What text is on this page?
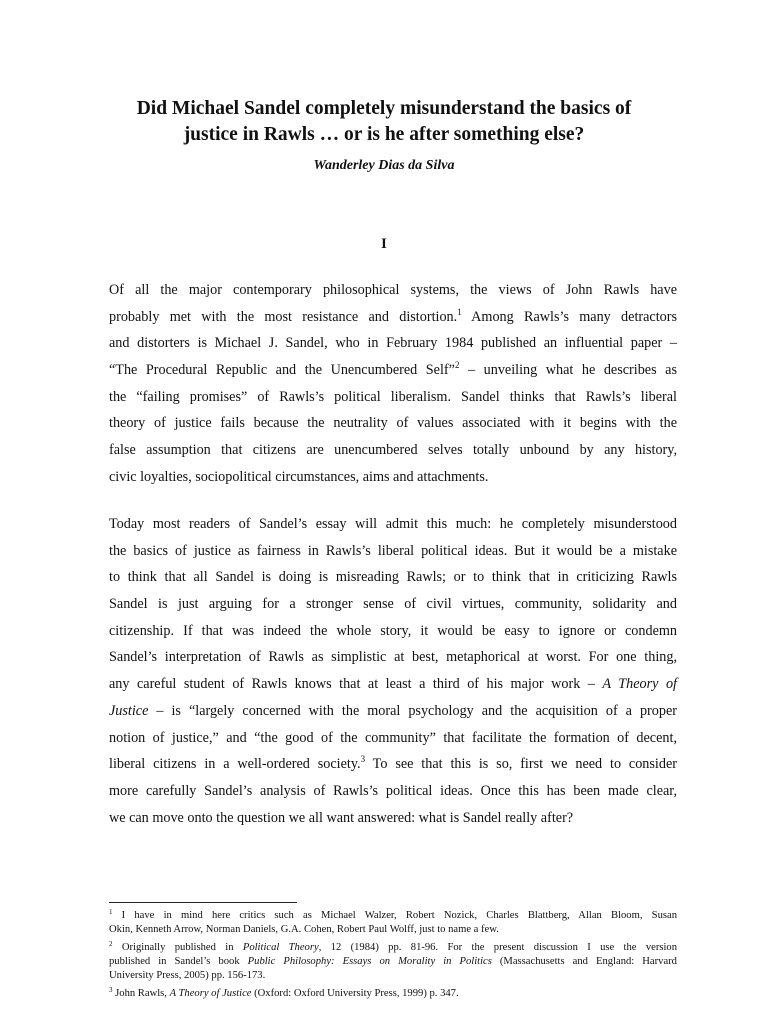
Did Michael Sandel completely misunderstand the basics of
justice in Rawls … or is he after something else?
Wanderley Dias da Silva
I
Of all the major contemporary philosophical systems, the views of John Rawls have
probably met with the most resistance and distortion.$^1$ Among Rawls’s many detractors
and distorters is Michael J. Sandel, who in February 1984 published an influential paper –
“The Procedural Republic and the Unencumbered Self”$^2$ – unveiling what he describes as
the “failing promises” of Rawls’s political liberalism. Sandel thinks that Rawls’s liberal
theory of justice fails because the neutrality of values associated with it begins with the
false assumption that citizens are unencumbered selves totally unbound by any history,
civic loyalties, sociopolitical circumstances, aims and attachments.
Today most readers of Sandel’s essay will admit this much: he completely misunderstood
the basics of justice as fairness in Rawls’s liberal political ideas. But it would be a mistake
to think that all Sandel is doing is misreading Rawls; or to think that in criticizing Rawls
Sandel is just arguing for a stronger sense of civil virtues, community, solidarity and
citizenship. If that was indeed the whole story, it would be easy to ignore or condemn
Sandel’s interpretation of Rawls as simplistic at best, metaphorical at worst. For one thing,
any careful student of Rawls knows that at least a third of his major work – A Theory of
Justice – is “largely concerned with the moral psychology and the acquisition of a proper
notion of justice,” and “the good of the community” that facilitate the formation of decent,
liberal citizens in a well-ordered society.$^3$ To see that this is so, first we need to consider
more carefully Sandel’s analysis of Rawls’s political ideas. Once this has been made clear,
we can move onto the question we all want answered: what is Sandel really after?
$^1$ I have in mind here critics such as Michael Walzer, Robert Nozick, Charles Blattberg, Allan Bloom, Susan
Okin, Kenneth Arrow, Norman Daniels, G.A. Cohen, Robert Paul Wolff, just to name a few.
$^2$ Originally published in Political Theory, 12 (1984) pp. 81-96. For the present discussion I use the version
published in Sandel’s book Public Philosophy: Essays on Morality in Politics (Massachusetts and England: Harvard
University Press, 2005) pp. 156-173.
$^3$ John Rawls, A Theory of Justice (Oxford: Oxford University Press, 1999) p. 347.
